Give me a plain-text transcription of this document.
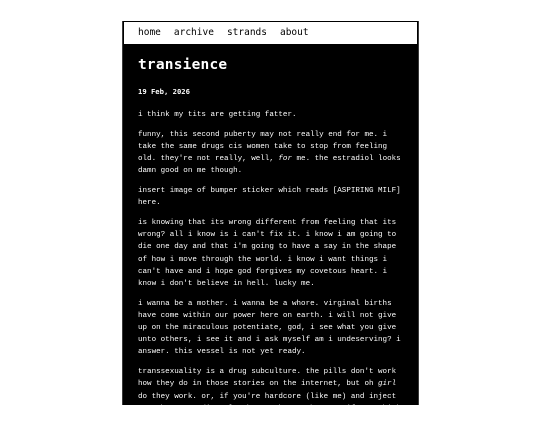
home archive strands about
transience
19 Feb, 2026

i think my tits are getting fatter.

funny, this second puberty may not really end for me. i take the same drugs cis women take to stop from feeling old. they're not really, well, for me. the estradiol looks damn good on me though.

insert image of bumper sticker which reads [ASPIRING MILF] here.

is knowing that its wrong different from feeling that its wrong? all i know is i can't fix it. i know i am going to die one day and that i'm going to have a say in the shape of how i move through the world. i know i want things i can't have and i hope god forgives my covetous heart. i know i don't believe in hell. lucky me.

i wanna be a mother. i wanna be a whore. virginal births have come within our power here on earth. i will not give up on the miraculous potentiate, god, i see what you give unto others, i see it and i ask myself am i undeserving? i answer. this vessel is not yet ready.

transsexuality is a drug subculture. the pills don't work how they do in those stories on the internet, but oh girl do they work. or, if you're hardcore (like me) and inject your hormones directly they work even better! if you think
